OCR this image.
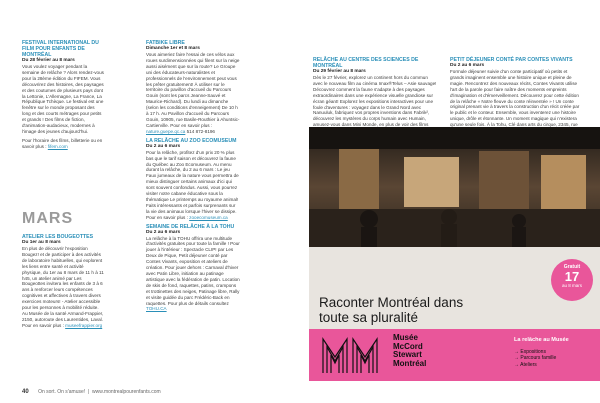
FESTIVAL INTERNATIONAL DU FILM POUR ENFANTS DE MONTRÉAL
Du 28 février au 8 mars

Vous voulez voyager pendant la semaine de relâche ? Alors rendez-vous pour la 28ème édition du FIFEM. Vous découvrirez des histoires, des paysages et des coutumes de plusieurs pays dont la Lettonie, L'Allemagne, La France, La République Tchèque. Le festival est une fenêtre sur le monde proposant des long et des courts métrages pour petits et grands ! Des films de fiction, d'animation-audacieux, modernes à l'image des jeunes d'aujourd'hui.

Pour l'horaire des films, billetterie ou en savoir plus : fifem.com

MARS
ATELIER LES BOUGEOTTES
Du 1er au 8 mars

En plus de découvrir l'exposition Bougez! et de participer à des activités de laboratoire habituelles, qui explorent les liens entre santé et activité physique, du 1er au 8 mars de 11 h à 11 h45, un atelier animé par Les Bougeottes invitera les enfants de 3 à 6 ans à renforcer leurs compétences cognitives et affectives à travers divers exercices moteurs! - Atelier accessible pour les personnes à mobilité réduite. Au Musée de la santé Armand-Frappier, 2150, autoroute des Laurentides, Laval. Pour en savoir plus : museefrappier.org

FATBIKE LIBRE
Dimanche 1er et 8 mars

Vous aimeriez faire l'essai de ces vélos aux roues surdimensionnées qui filent sur la neige aussi aisément que sur la route? Le Groupe uni des éducateurs-naturalistes et professionnels de l'environnement peut vous les prêter gratuitement! À utiliser sur le territoire du pavillon d'accueil du Parcours Gouin (sont les parcs Jeanne-Sauvé et Maurice-Richard). Du lundi au dimanche (selon les conditions d'enneigement) De 10 h à 17 h. Au Pavillon d'accueil du Parcours Gouin, 10905, rue Basile-Routhier à Ahuntsic-Cartierville. Pour en savoir plus : nature.guepe.qc.ca 514 872-8196

LA RELÂCHE AU ZOO ECOMUSEUM
Du 2 au 6 mars

Pour la relâche, profitez d'un prix 20 % plus bas que le tarif saison et découvrez la faune du Québec au Zoo Ecomuseum. Au menu durant la relâche, du 2 au 6 mars : Le jeu Faux jumeaux de la nature vous permettra de mieux distinguer certains animaux d'ici qui sont souvent confondus. Aussi, vous pourrez visiter notre cabane éducative sous la thématique Le printemps au royaume animal! Faits intéressants et parfois surprenants sur la vie des animaux lorsque l'hiver se dissipe. Pour en savoir plus : zooecomuseum.ca

SEMAINE DE RELÂCHE À LA TOHU
Du 2 au 6 mars

La relâche à la TOHU offrira une multitude d'activités gratuites pour toute la famille ! Pour jouer à l'intérieur : Spectacle CLIP! par Les Deux de Pique, Petit déjeuner conté par Contes Vivants, exposition et ateliers de création. Pour jouer dehors : Carnaval d'hiver avec Patin Libre, initiation au patinage artistique avec la fédération de patin. Location de skis de fond, raquettes, patins, crampons et trottinettes des neiges, Patinage libre, Rally et visite guidée du parc Frédéric-Back en raquettes. Pour plus de détails consultez TOHU.CA

RELÂCHE AU CENTRE DES SCIENCES DE MONTRÉAL
Du 29 février au 8 mars

Dès le 27 février, explorez un continent hors du commun avec le nouveau film au cinéma Imax®Telus – Asie sauvage! Découvrez comment la faune s'adapte à des paysages extraordinaires dans une expérience visuelle grandiose sur écran géant! Explorez les expositions interactives pour une foule d'aventures : voyagez dans le Grand Nord avec Nanuuluk, fabriquez vos propres inventions dans Fabrik², découvrez les mystères du corps humain avec Humain, amusez-vous dans Mini Monde, en plus de voir des films

PETIT DÉJEUNER CONTÉ PAR CONTES VIVANTS
Du 2 au 6 mars

Formule déjeuner suivie d'un conte participatif où petits et grands imaginent ensemble une histoire unique et pleine de magie. Rencontrez des nouveaux récits, Contes Vivants utilise l'art de la parole pour faire naître des moments empreints d'imagination et d'émerveillement. Découvrez pour cette édition de la relâche « Notre fleuve du conte réinventée » ! Un conte original prenant vie à travers la construction d'un récit créée par le public et le conteur. Ensemble, vous inventerez une histoire unique, drôle et étonnante. Un moment magique qui n'existera qu'une seule fois. À la Tohu, Clé dans arts du cirque, 2345, rue

Raconter Montréal dans
toute sa pluralité
Gratuit
17
au 8 mars
Musée
McCord
Stewart
Montréal
La relâche au Musée
→ Expositions
→ Parcours famille
→ Ateliers
40 On sort. On s'amuse!  |  www.montrealpourenfants.com
